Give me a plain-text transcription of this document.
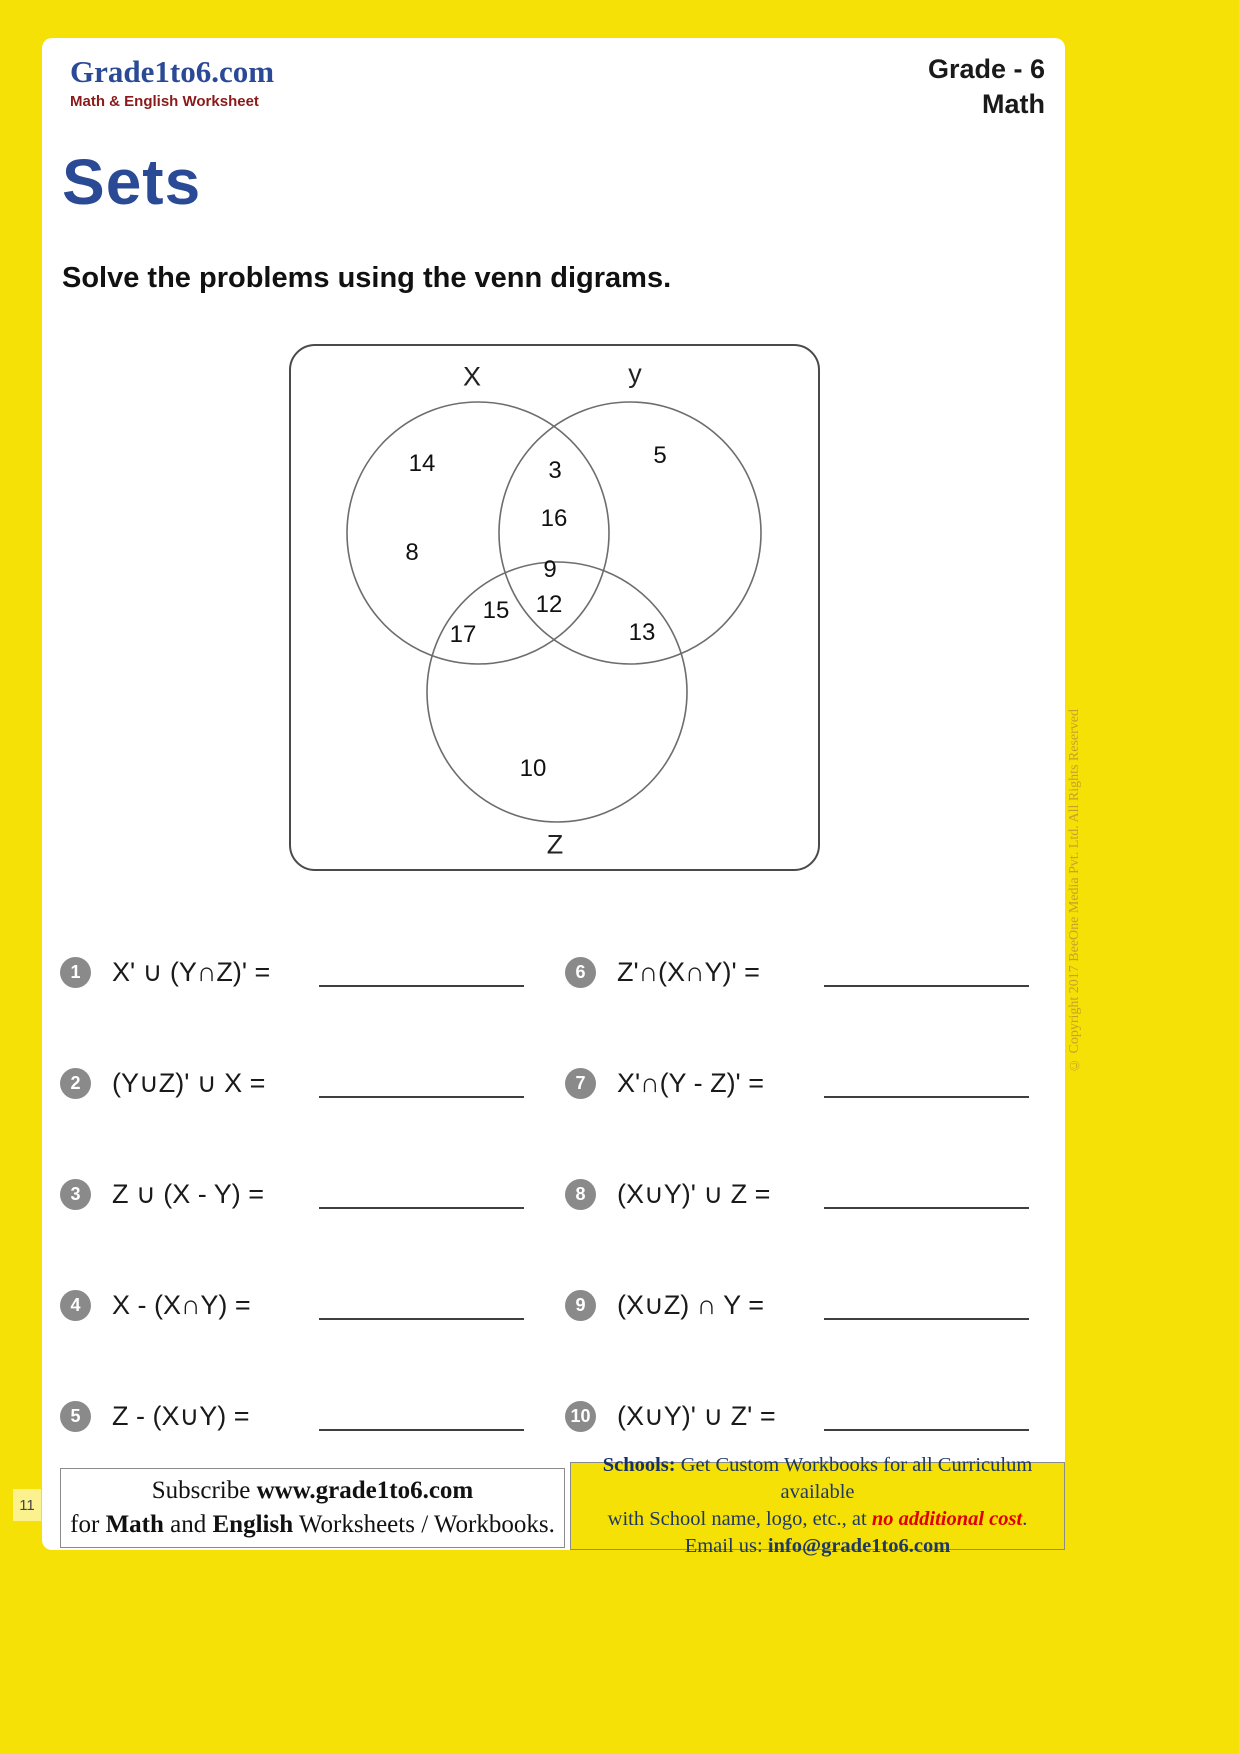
Grade1to6.com
Math & English Worksheet
Grade - 6
Math
Sets
Solve the problems using the venn digrams.
X	y
Z
14
8
3
16
5
9
12
15
17	13
10
1	X' ∪ (Y∩Z)' =	6	Z'∩(X∩Y)' =
2	(Y∪Z)' ∪ X =	7	X'∩(Y - Z)' =
3	Z ∪ (X - Y) =	8	(X∪Y)' ∪ Z =
4	X - (X∩Y) =	9	(X∪Z) ∩ Y =
5	Z - (X∪Y) =	10 (X∪Y)' ∪ Z' =
Subscribe www.grade1to6.com
for Math and English Worksheets / Workbooks.
Schools: Get Custom Workbooks for all Curriculum available
with School name, logo, etc., at no additional cost.
Email us: info@grade1to6.com
© Copyright 2017 BeeOne Media Pvt. Ltd. All Rights Reserved
11
